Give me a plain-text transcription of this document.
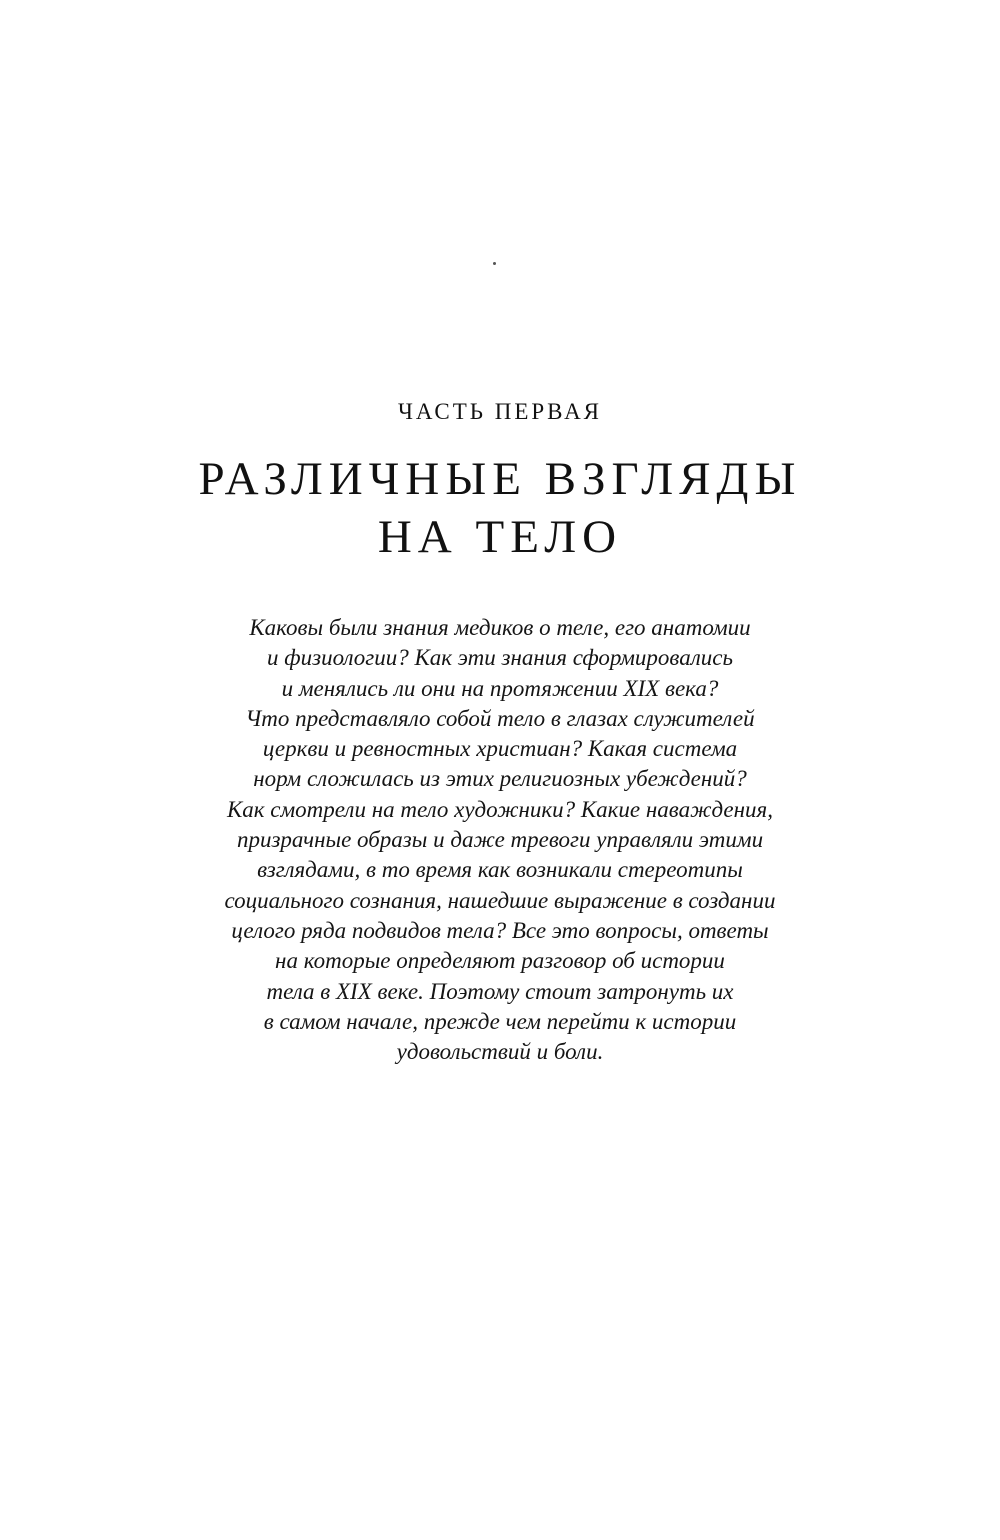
ЧАСТЬ ПЕРВАЯ
РАЗЛИЧНЫЕ ВЗГЛЯДЫ
НА ТЕЛО
Каковы были знания медиков о теле, его анатомии
и физиологии? Как эти знания сформировались
и менялись ли они на протяжении XIX века?
Что представляло собой тело в глазах служителей
церкви и ревностных христиан? Какая система
норм сложилась из этих религиозных убеждений?
Как смотрели на тело художники? Какие наваждения,
призрачные образы и даже тревоги управляли этими
взглядами, в то время как возникали стереотипы
социального сознания, нашедшие выражение в создании
целого ряда подвидов тела? Все это вопросы, ответы
на которые определяют разговор об истории
тела в XIX веке. Поэтому стоит затронуть их
в самом начале, прежде чем перейти к истории
удовольствий и боли.
